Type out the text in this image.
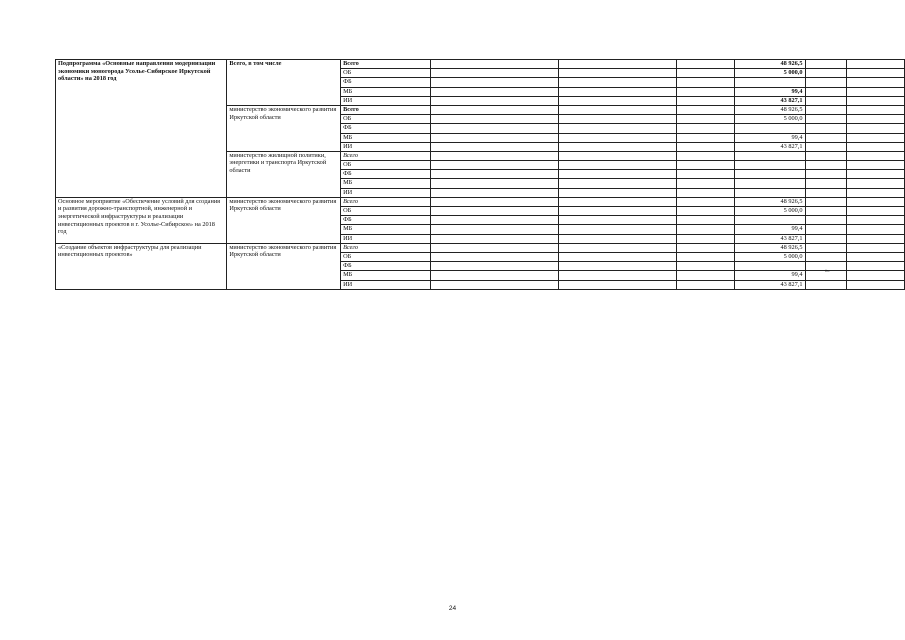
Подпрограмма «Основные направления модернизации экономики моногорода Усолье-Сибирское Иркутской области» на 2018 год	Всего, в том числе	Всего				48 926,5		
		ОБ				5 000,0		
		ФБ						
		МБ				99,4		
		ИИ				43 827,1		
	министерство экономического развития Иркутской области	Всего				48 926,5		
		ОБ				5 000,0		
		ФБ						
		МБ				99,4		
		ИИ				43 827,1		
	министерство жилищной политики, энергетики и транспорта Иркутской области	Всего						
		ОБ						
		ФБ						
		МБ						
		ИИ						
Основное мероприятие «Обеспечение условий для создания и развития дорожно-транспортной, инженерной и энергетической инфраструктуры и реализации инвестиционных проектов в г. Усолье-Сибирское» на 2018 год	министерство экономического развития Иркутской области	Всего				48 926,5		
		ОБ				5 000,0		
		ФБ						
		МБ				99,4		
		ИИ				43 827,1		
«Создание объектов инфраструктуры для реализации инвестиционных проектов»	министерство экономического развития Иркутской области	Всего				48 926,5		
		ОБ				5 000,0		
		ФБ						
		МБ				99,4		
		ИИ				43 827,1		
».
24
